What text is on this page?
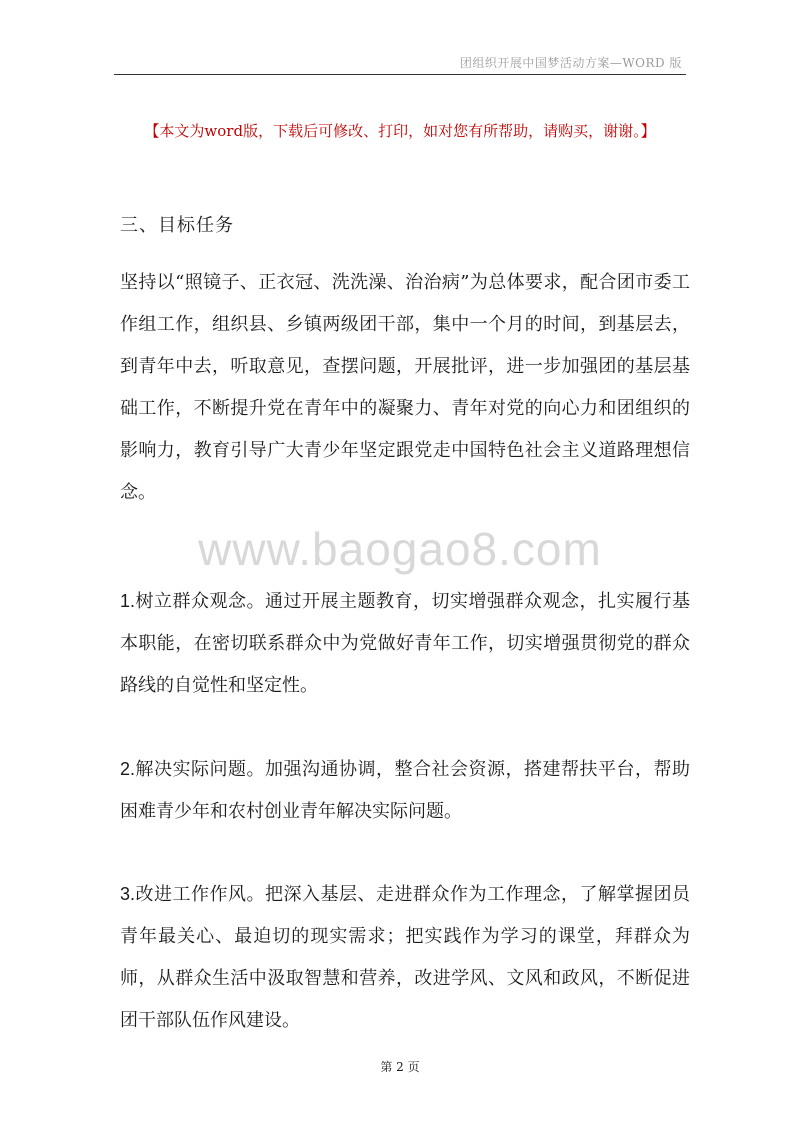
团组织开展中国梦活动方案—WORD 版
【本文为word版，下载后可修改、打印，如对您有所帮助，请购买，谢谢。】
三、目标任务

坚持以“照镜子、正衣冠、洗洗澡、治治病”为总体要求，配合团市委工作组工作，组织县、乡镇两级团干部，集中一个月的时间，到基层去，到青年中去，听取意见，查摆问题，开展批评，进一步加强团的基层基础工作，不断提升党在青年中的凝聚力、青年对党的向心力和团组织的影响力，教育引导广大青少年坚定跟党走中国特色社会主义道路理想信念。

www.baogao8.com

1.树立群众观念。通过开展主题教育，切实增强群众观念，扎实履行基本职能，在密切联系群众中为党做好青年工作，切实增强贯彻党的群众路线的自觉性和坚定性。

2.解决实际问题。加强沟通协调，整合社会资源，搭建帮扶平台，帮助困难青少年和农村创业青年解决实际问题。

3.改进工作作风。把深入基层、走进群众作为工作理念，了解掌握团员青年最关心、最迫切的现实需求；把实践作为学习的课堂，拜群众为师，从群众生活中汲取智慧和营养，改进学风、文风和政风，不断促进团干部队伍作风建设。

第 2 页
